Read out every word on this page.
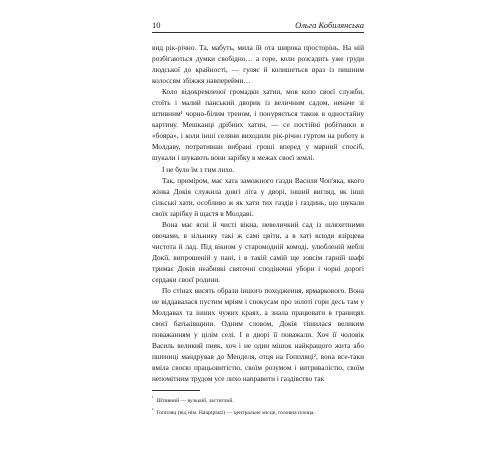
10	Ольга Кобилянська

вид рік-річно. Та, мабуть, мила їй ота широка просторінь. На ній розбігаються думки свобідно… а горе, коли розсадить уже груди людської до крайності, — гуляє й колишеться враз із пишним колоссям збіжжя навперейми…

Коло відокремленої громадки хатин, мов коло своєї служби, стоїть і малий панський дворик із величним садом, неначе зі штивним¹ чорно-білим треном, і понуряється також в одностайну картину. Мешканці дрібних хатин, — се постійні робітники в «бояра», і коли інші селяни виходили рік-річно гуртом на роботу в Молдаву, потративши вибрані гроші вперед у марний спосіб, шукали і шукають вони зарібку в межах своєї землі.

І не було їм з тим лихо.

Так, приміром, має хата заможного газди Василя Чоп'яка, якого жінка Докія служила довгі літа у дворі, інший вигляд, як інші сільські хати, особливо ж як хати тих газдів і газдинь, що шукали своїх зарібку й щастя в Молдаві.

Вона має ясні й чисті вікна, невеличкий сад із шляхетними овочами, в зільнику такі ж самі цвіти, а в хаті всюди взірцева чистота й лад. Під вікном у старомодній комоді, улюбленій меблі Докії, випрошеній у пані, і в такій самій ще зовсім гарній шафі тримає Докія неабиякі святочні сподіночні убори і чорні дорогі сердаки своєї родини.

По стінах висять образи іншого походження, ярмаркового. Вона не віддавалася пустим мріям і спокусам про золоті гори десь там у Молдавах та інших чужих краях, а знала працювати в границях своєї батьківщини. Одним словом, Докія тішилася великим поважанням у цілім селі. І в дворі її поважали. Хоч її чоловік Василь великий пияк, хоч і не один мішок найкращого жита або пшениці мандрував до Менделя, отця на Гоппляці², вона все-таки вміла своєю працьовитістю, своїм розумом і витривалістю, своїм непомітним трудом усе лихо направити і газдівство так

$^{^1}$Штивний — вузький, застиглий.

$^{^2}$Гоппляц (від нім. Hauptplatz) — центральне місце, головна площа.
